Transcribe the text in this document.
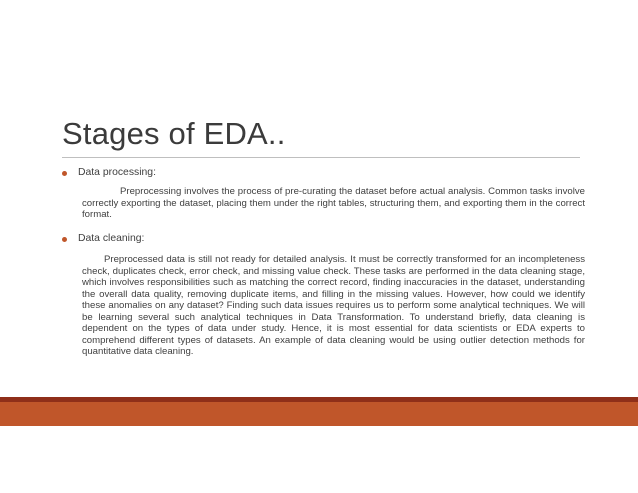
Stages of EDA..
Data processing:

Preprocessing involves the process of pre-curating the dataset before actual analysis. Common tasks involve correctly exporting the dataset, placing them under the right tables, structuring them, and exporting them in the correct format.

Data cleaning:

Preprocessed data is still not ready for detailed analysis. It must be correctly transformed for an incompleteness check, duplicates check, error check, and missing value check. These tasks are performed in the data cleaning stage, which involves responsibilities such as matching the correct record, finding inaccuracies in the dataset, understanding the overall data quality, removing duplicate items, and filling in the missing values. However, how could we identify these anomalies on any dataset? Finding such data issues requires us to perform some analytical techniques. We will be learning several such analytical techniques in Data Transformation. To understand briefly, data cleaning is dependent on the types of data under study. Hence, it is most essential for data scientists or EDA experts to comprehend different types of datasets. An example of data cleaning would be using outlier detection methods for quantitative data cleaning.
